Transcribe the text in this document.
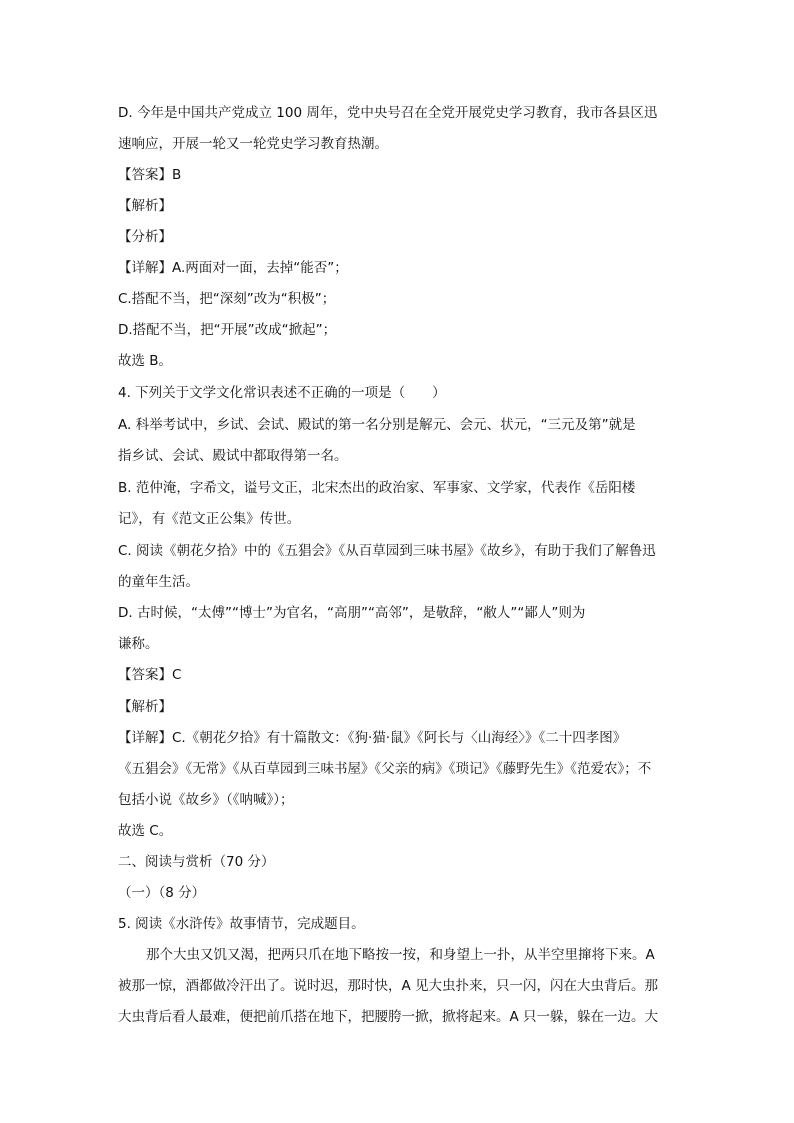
D. 今年是中国共产党成立 100 周年，党中央号召在全党开展党史学习教育，我市各县区迅
速响应，开展一轮又一轮党史学习教育热潮。
【答案】B
【解析】
【分析】
【详解】A.两面对一面，去掉“能否”；
C.搭配不当，把“深刻”改为“积极”；
D.搭配不当，把“开展”改成“掀起”；
故选 B。
4. 下列关于文学文化常识表述不正确的一项是（　　）
A. 科举考试中，乡试、会试、殿试的第一名分别是解元、会元、状元，“三元及第”就是
指乡试、会试、殿试中都取得第一名。
B. 范仲淹，字希文，谥号文正，北宋杰出的政治家、军事家、文学家，代表作《岳阳楼
记》，有《范文正公集》传世。
C. 阅读《朝花夕拾》中的《五猖会》《从百草园到三味书屋》《故乡》，有助于我们了解鲁迅
的童年生活。
D. 古时候，“太傅”“博士”为官名，“高朋”“高邻”，是敬辞，“敝人”“鄙人”则为
谦称。
【答案】C
【解析】
【详解】C.《朝花夕拾》有十篇散文：《狗·猫·鼠》《阿长与〈山海经〉》《二十四孝图》
《五猖会》《无常》《从百草园到三味书屋》《父亲的病》《琐记》《藤野先生》《范爱农》；不
包括小说《故乡》（《呐喊》）；
故选 C。
二、阅读与赏析（70 分）
（一）（8 分）
5. 阅读《水浒传》故事情节，完成题目。
那个大虫又饥又渴，把两只爪在地下略按一按，和身望上一扑，从半空里撺将下来。A
被那一惊，酒都做冷汗出了。说时迟，那时快，A 见大虫扑来，只一闪，闪在大虫背后。那
大虫背后看人最难，便把前爪搭在地下，把腰胯一掀，掀将起来。A 只一躲，躲在一边。大
